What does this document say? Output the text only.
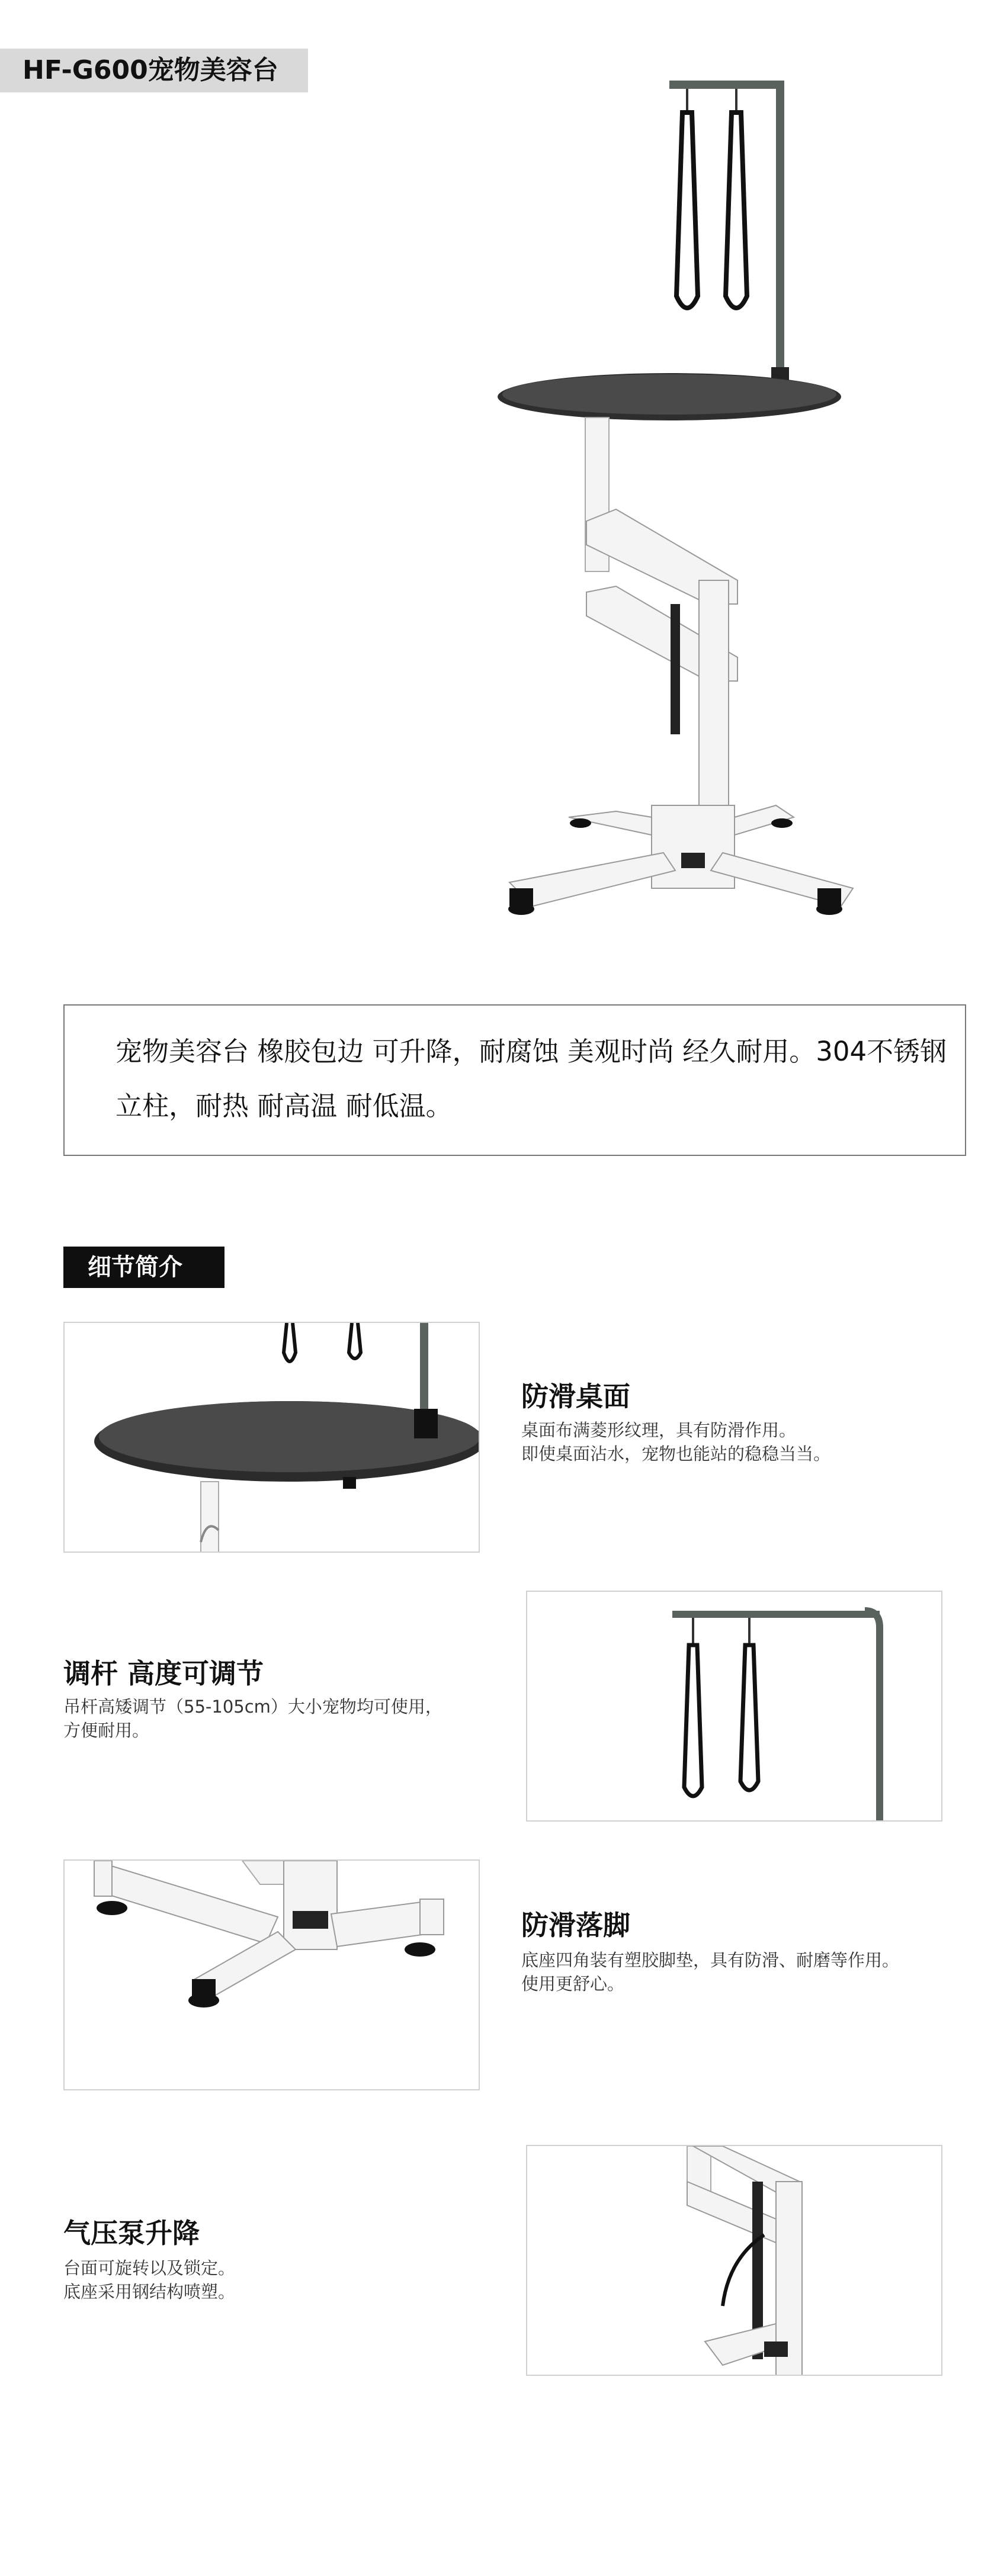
HF-G600宠物美容台
宠物美容台 橡胶包边 可升降，耐腐蚀 美观时尚 经久耐用。304不锈钢立柱，耐热 耐高温 耐低温。
细节简介
防滑桌面
桌面布满菱形纹理，具有防滑作用。
即使桌面沾水，宠物也能站的稳稳当当。
调杆 高度可调节
吊杆高矮调节（55-105cm）大小宠物均可使用，
方便耐用。
防滑落脚
底座四角装有塑胶脚垫，具有防滑、耐磨等作用。
使用更舒心。
气压泵升降
台面可旋转以及锁定。
底座采用钢结构喷塑。
